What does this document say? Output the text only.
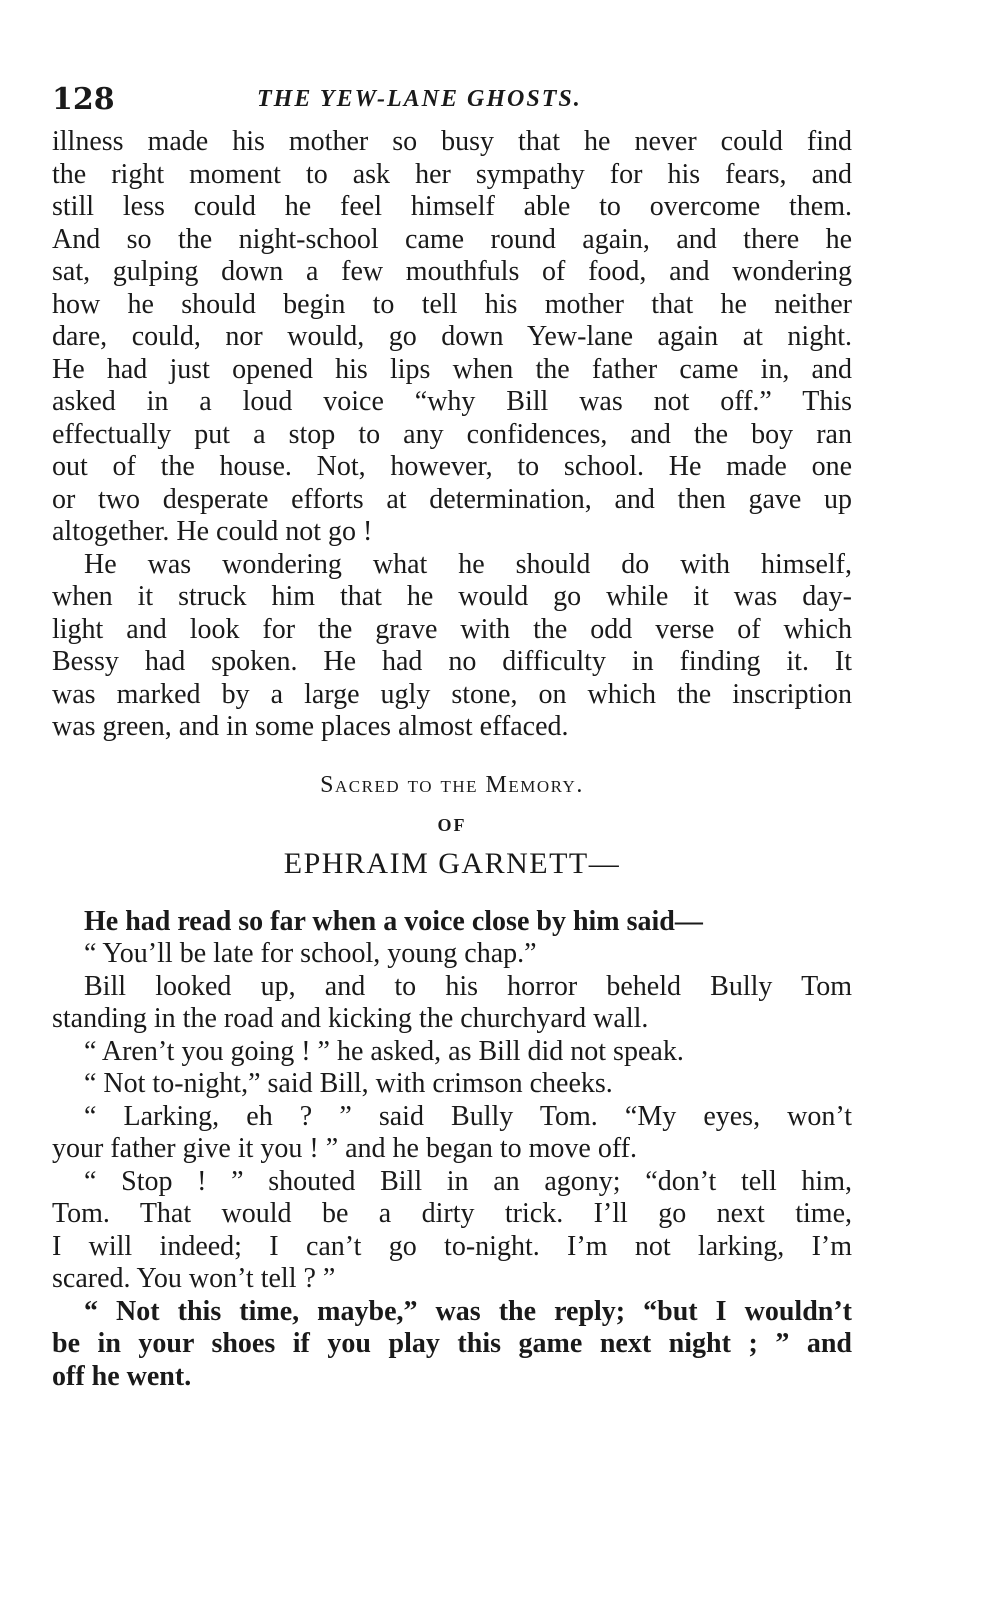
128	THE YEW-LANE GHOSTS.
illness made his mother so busy that he never could find
the right moment to ask her sympathy for his fears, and
still less could he feel himself able to overcome them.
And so the night-school came round again, and there he
sat, gulping down a few mouthfuls of food, and wondering
how he should begin to tell his mother that he neither
dare, could, nor would, go down Yew-lane again at night.
He had just opened his lips when the father came in, and
asked in a loud voice “why Bill was not off.” This
effectually put a stop to any confidences, and the boy ran
out of the house. Not, however, to school. He made one
or two desperate efforts at determination, and then gave up
altogether. He could not go !
He was wondering what he should do with himself,
when it struck him that he would go while it was day-
light and look for the grave with the odd verse of which
Bessy had spoken. He had no difficulty in finding it. It
was marked by a large ugly stone, on which the inscription
was green, and in some places almost effaced.
Sacred to the Memory.
OF
EPHRAIM GARNETT—
He had read so far when a voice close by him said—
“ You’ll be late for school, young chap.”
Bill looked up, and to his horror beheld Bully Tom
standing in the road and kicking the churchyard wall.
“ Aren’t you going ! ” he asked, as Bill did not speak.
“ Not to-night,” said Bill, with crimson cheeks.
“ Larking, eh ? ” said Bully Tom. “My eyes, won’t
your father give it you ! ” and he began to move off.
“ Stop ! ” shouted Bill in an agony; “don’t tell him,
Tom. That would be a dirty trick. I’ll go next time,
I will indeed; I can’t go to-night. I’m not larking, I’m
scared. You won’t tell ? ”
“ Not this time, maybe,” was the reply; “but I wouldn’t
be in your shoes if you play this game next night ; ” and
off he went.
